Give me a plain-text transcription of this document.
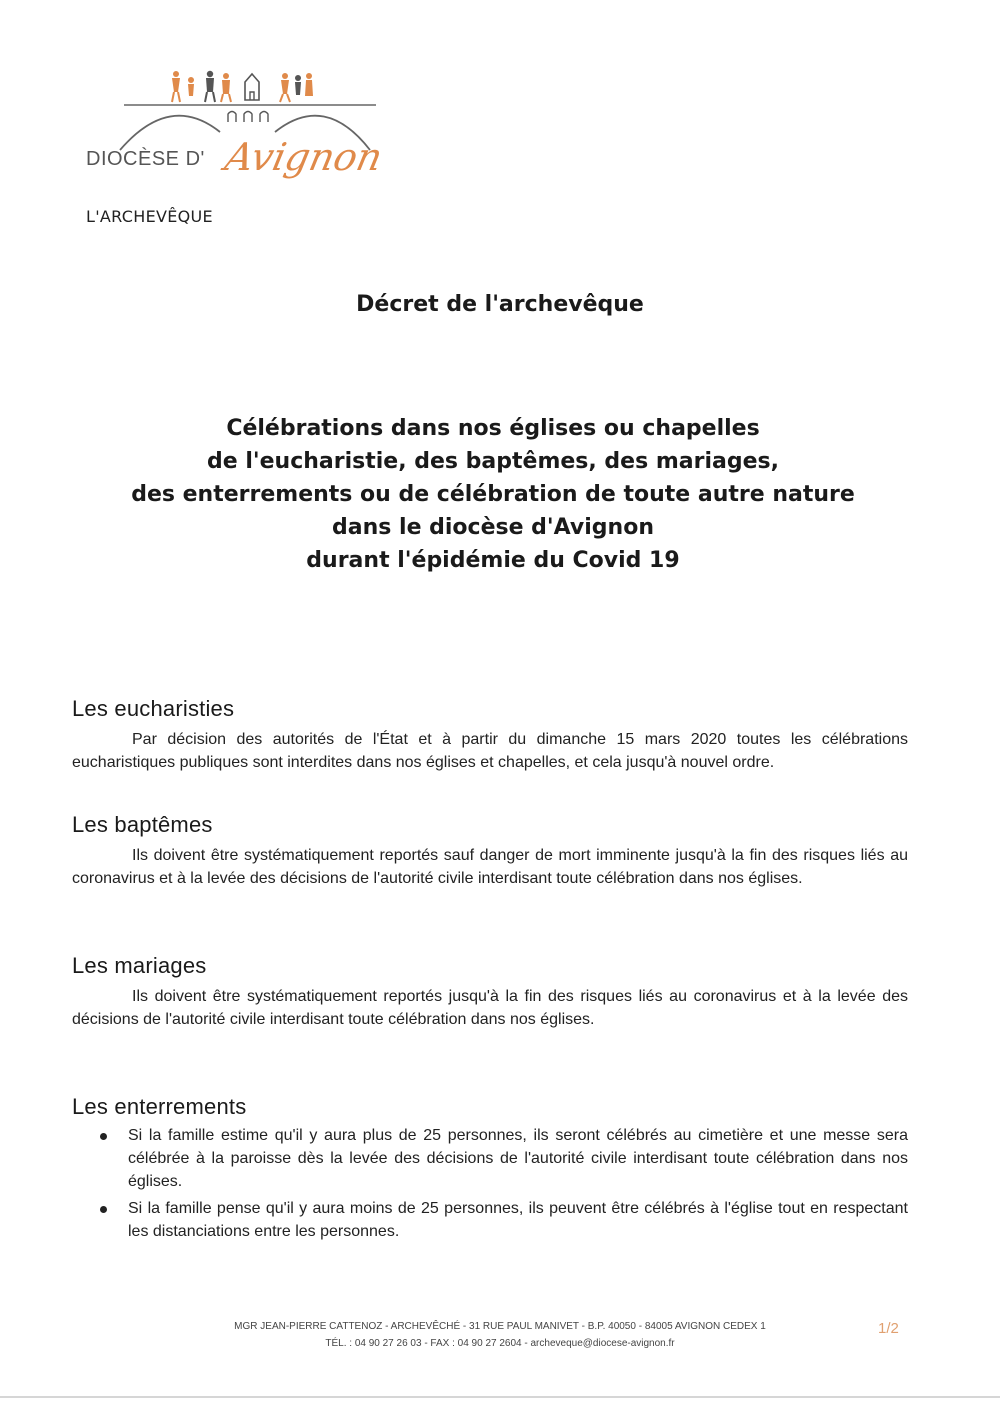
DIOCÈSE D' Avignon
L'ARCHEVÊQUE
Décret de l'archevêque
Célébrations dans nos églises ou chapelles
de l'eucharistie, des baptêmes, des mariages,
des enterrements ou de célébration de toute autre nature
dans le diocèse d'Avignon
durant l'épidémie du Covid 19
Les eucharisties

Par décision des autorités de l'État et à partir du dimanche 15 mars 2020 toutes les célébrations eucharistiques publiques sont interdites dans nos églises et chapelles, et cela jusqu'à nouvel ordre.

Les baptêmes

Ils doivent être systématiquement reportés sauf danger de mort imminente jusqu'à la fin des risques liés au coronavirus et à la levée des décisions de l'autorité civile interdisant toute célébration dans nos églises.

Les mariages

Ils doivent être systématiquement reportés jusqu'à la fin des risques liés au coronavirus et à la levée des décisions de l'autorité civile interdisant toute célébration dans nos églises.

Les enterrements
Si la famille estime qu'il y aura plus de 25 personnes, ils seront célébrés au cimetière et une messe sera célébrée à la paroisse dès la levée des décisions de l'autorité civile interdisant toute célébration dans nos églises.
Si la famille pense qu'il y aura moins de 25 personnes, ils peuvent être célébrés à l'église tout en respectant les distanciations entre les personnes.
MGR JEAN-PIERRE CATTENOZ - ARCHEVÊCHÉ - 31 RUE PAUL MANIVET - B.P. 40050 - 84005 AVIGNON CEDEX 1
TÉL. : 04 90 27 26 03 - FAX : 04 90 27 2604 - archeveque@diocese-avignon.fr
1/2
